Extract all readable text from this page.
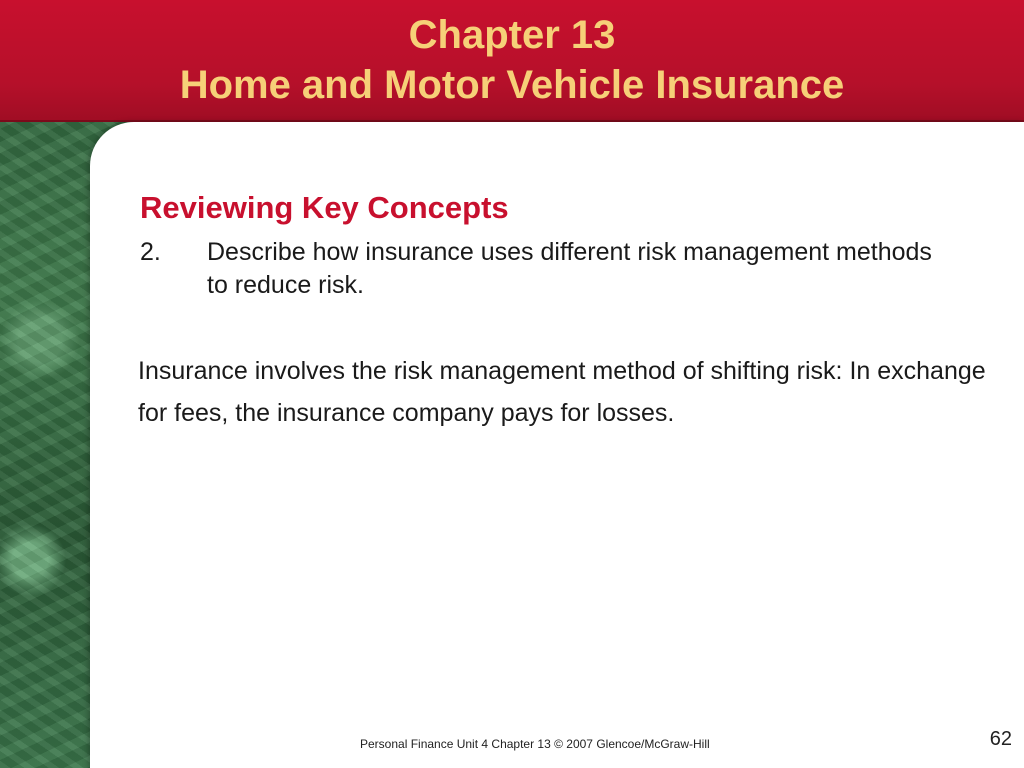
Chapter 13
Home and Motor Vehicle Insurance
Reviewing Key Concepts
2.	Describe how insurance uses different risk management methods to reduce risk.

Insurance involves the risk management method of shifting risk: In exchange for fees, the insurance company pays for losses.

Personal Finance Unit 4 Chapter 13 © 2007 Glencoe/McGraw-Hill	62
